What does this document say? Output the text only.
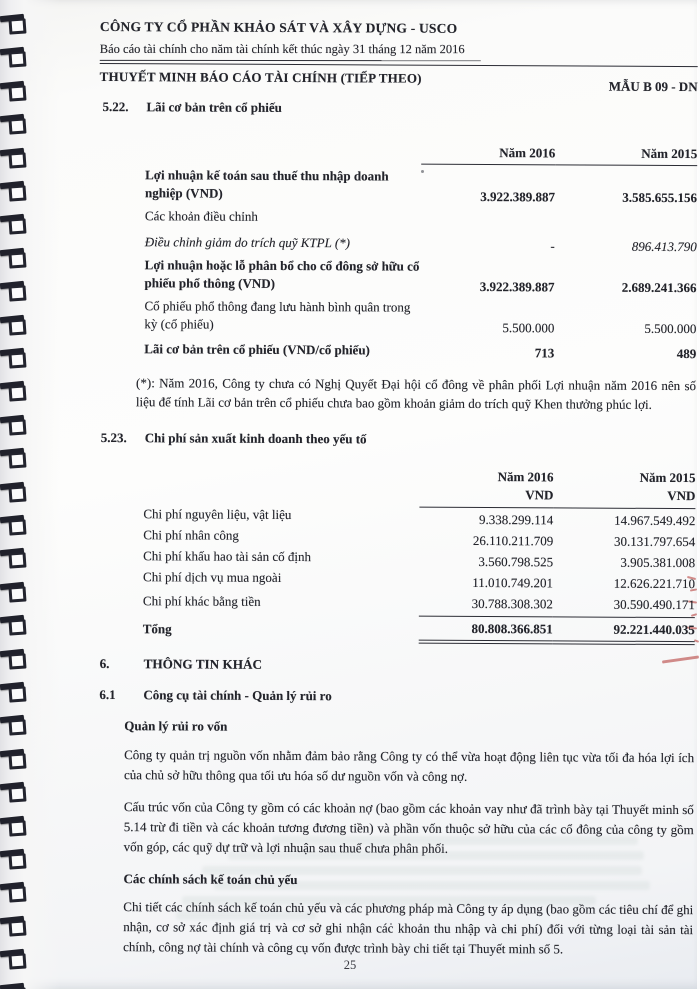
CÔNG TY CỔ PHẦN KHẢO SÁT VÀ XÂY DỰNG - USCO
Báo cáo tài chính cho năm tài chính kết thúc ngày 31 tháng 12 năm 2016
THUYẾT MINH BÁO CÁO TÀI CHÍNH (TIẾP THEO)
MẪU B 09 - DN
5.22.	Lãi cơ bản trên cổ phiếu
Năm 2016	Năm 2015
Lợi nhuận kế toán sau thuế thu nhập doanh nghiệp (VND)	3.922.389.887	3.585.655.156
Các khoản điều chỉnh
Điều chỉnh giảm do trích quỹ KTPL (*)	-	896.413.790
Lợi nhuận hoặc lỗ phân bổ cho cổ đông sở hữu cổ phiếu phổ thông (VND)	3.922.389.887	2.689.241.366
Cổ phiếu phổ thông đang lưu hành bình quân trong kỳ (cổ phiếu)	5.500.000	5.500.000
Lãi cơ bản trên cổ phiếu (VND/cổ phiếu)	713	489
(*): Năm 2016, Công ty chưa có Nghị Quyết Đại hội cổ đông về phân phối Lợi nhuận năm 2016 nên số liệu để tính Lãi cơ bản trên cổ phiếu chưa bao gồm khoản giảm do trích quỹ Khen thưởng phúc lợi.
5.23.	Chi phí sản xuất kinh doanh theo yếu tố
Năm 2016
VND
Năm 2015
VND
Chi phí nguyên liệu, vật liệu	9.338.299.114	14.967.549.492
Chi phí nhân công	26.110.211.709	30.131.797.654
Chi phí khấu hao tài sản cố định	3.560.798.525	3.905.381.008
Chi phí dịch vụ mua ngoài	11.010.749.201	12.626.221.710
Chi phí khác bằng tiền	30.788.308.302	30.590.490.171
Tổng	80.808.366.851	92.221.440.035
6.	THÔNG TIN KHÁC
6.1	Công cụ tài chính - Quản lý rủi ro
Quản lý rủi ro vốn
Công ty quản trị nguồn vốn nhằm đảm bảo rằng Công ty có thể vừa hoạt động liên tục vừa tối đa hóa lợi ích của chủ sở hữu thông qua tối ưu hóa số dư nguồn vốn và công nợ.
Cấu trúc vốn của Công ty gồm có các khoản nợ (bao gồm các khoản vay như đã trình bày tại Thuyết minh số 5.14 trừ đi tiền và các khoản tương đương tiền) và phần vốn thuộc sở hữu của các cổ đông của công ty gồm vốn góp, các quỹ dự trữ và lợi nhuận sau thuế chưa phân phối.
Các chính sách kế toán chủ yếu
Chi tiết các chính sách kế toán chủ yếu và các phương pháp mà Công ty áp dụng (bao gồm các tiêu chí để ghi nhận, cơ sở xác định giá trị và cơ sở ghi nhận các khoản thu nhập và chi phí) đối với từng loại tài sản tài chính, công nợ tài chính và công cụ vốn được trình bày chi tiết tại Thuyết minh số 5.
25
